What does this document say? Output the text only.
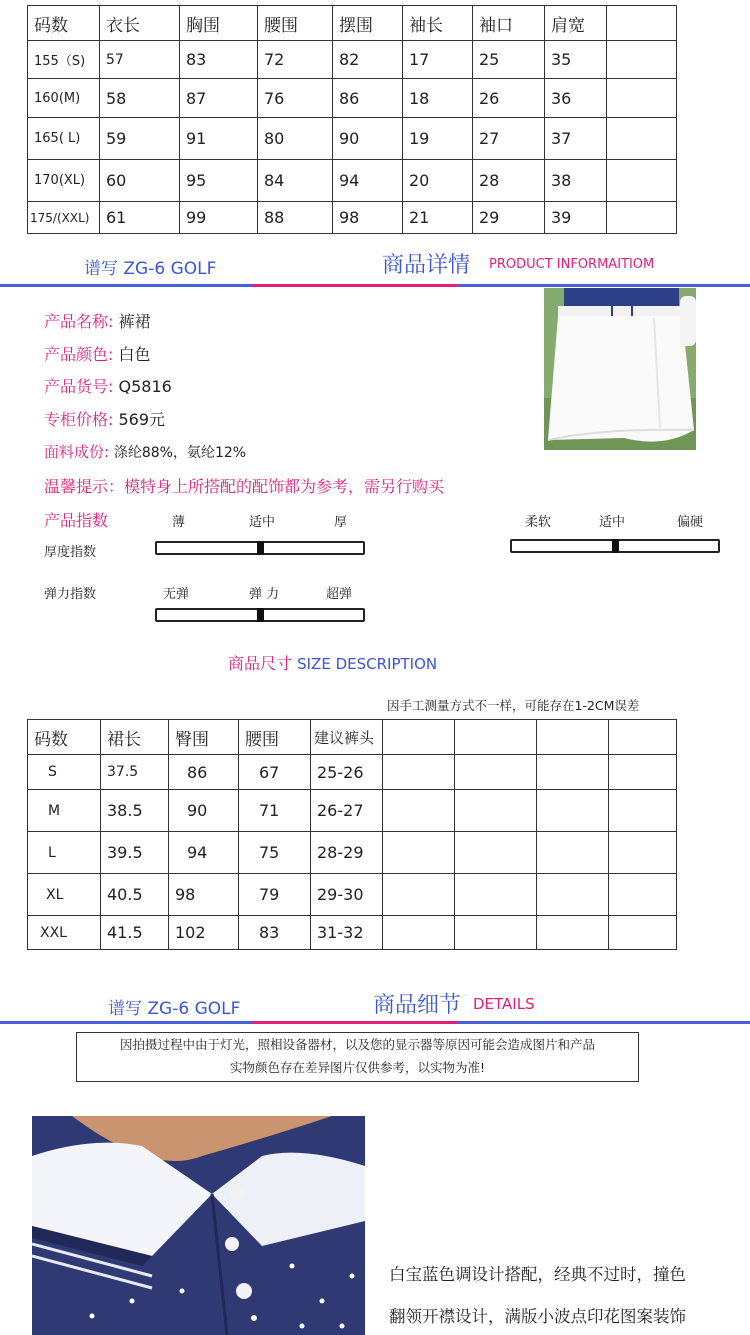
码数	衣长	胸围	腰围	摆围	袖长	袖口	肩宽	
155（S)	57	83	72	82	17	25	35	
160(M)	58	87	76	86	18	26	36	
165( L)	59	91	80	90	19	27	37	
170(XL)	60	95	84	94	20	28	38	
175/(XXL)	61	99	88	98	21	29	39	
谱写 ZG-6 GOLF	商品详情 PRODUCT INFORMAITIOM
产品名称: 裤裙
产品颜色: 白色
产品货号: Q5816
专柜价格: 569元
面料成份: 涤纶88%，氨纶12%
温馨提示：模特身上所搭配的配饰都为参考，需另行购买
产品指数	薄	适中	厚
厚度指数
柔软	适中	偏硬
无弹	弹 力	超弹
弹力指数
商品尺寸 SIZE DESCRIPTION
因手工测量方式不一样，可能存在1-2CM误差
码数	裙长	臀围	腰围	建议裤头				
S	37.5	86	67	25-26				
M	38.5	90	71	26-27				
L	39.5	94	75	28-29				
XL	40.5	98	79	29-30				
XXL	41.5	102	83	31-32				
谱写 ZG-6 GOLF	商品细节 DETAILS
因拍摄过程中由于灯光，照相设备器材，以及您的显示器等原因可能会造成图片和产品
实物颜色存在差异图片仅供参考，以实物为准!
白宝蓝色调设计搭配，经典不过时，撞色
翻领开襟设计，满版小波点印花图案装饰
